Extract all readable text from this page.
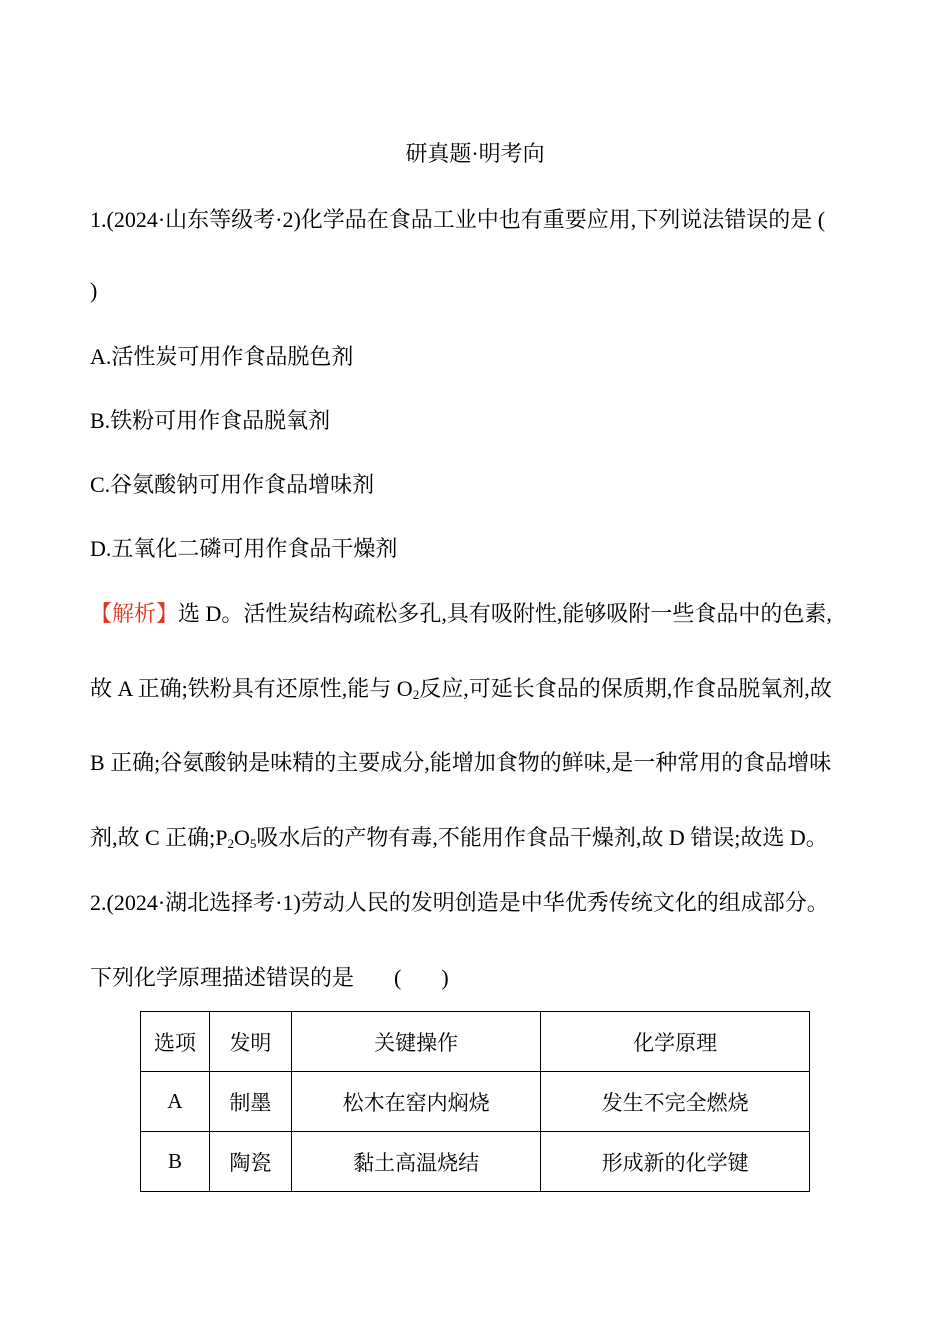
研真题·明考向
1.(2024·山东等级考·2)化学品在食品工业中也有重要应用,下列说法错误的是 (
)
A.活性炭可用作食品脱色剂
B.铁粉可用作食品脱氧剂
C.谷氨酸钠可用作食品增味剂
D.五氧化二磷可用作食品干燥剂
【解析】选 D。活性炭结构疏松多孔,具有吸附性,能够吸附一些食品中的色素,
故 A 正确;铁粉具有还原性,能与 $O_2$反应,可延长食品的保质期,作食品脱氧剂,故
B 正确;谷氨酸钠是味精的主要成分,能增加食物的鲜味,是一种常用的食品增味
剂,故 C 正确$;P_2O_5$吸水后的产物有毒,不能用作食品干燥剂,故 D 错误;故选 D。
2.(2024·湖北选择考·1)劳动人民的发明创造是中华优秀传统文化的组成部分。
下列化学原理描述错误的是 ( )
选项	发明	关键操作	化学原理
A	制墨	松木在窑内焖烧	发生不完全燃烧
B	陶瓷	黏土高温烧结	形成新的化学键
